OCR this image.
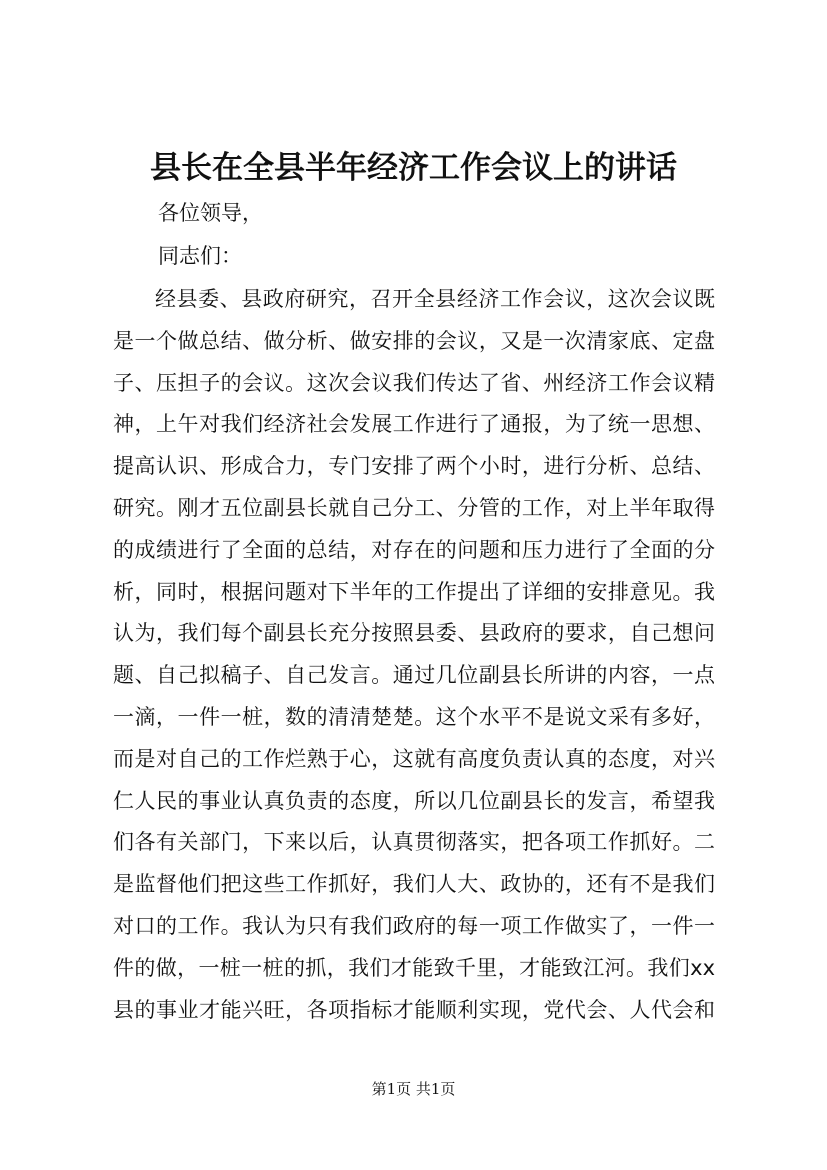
县长在全县半年经济工作会议上的讲话
各位领导，
同志们：
经县委、县政府研究，召开全县经济工作会议，这次会议既
是一个做总结、做分析、做安排的会议，又是一次清家底、定盘
子、压担子的会议。这次会议我们传达了省、州经济工作会议精
神，上午对我们经济社会发展工作进行了通报，为了统一思想、
提高认识、形成合力，专门安排了两个小时，进行分析、总结、
研究。刚才五位副县长就自己分工、分管的工作，对上半年取得
的成绩进行了全面的总结，对存在的问题和压力进行了全面的分
析，同时，根据问题对下半年的工作提出了详细的安排意见。我
认为，我们每个副县长充分按照县委、县政府的要求，自己想问
题、自己拟稿子、自己发言。通过几位副县长所讲的内容，一点
一滴，一件一桩，数的清清楚楚。这个水平不是说文采有多好，
而是对自己的工作烂熟于心，这就有高度负责认真的态度，对兴
仁人民的事业认真负责的态度，所以几位副县长的发言，希望我
们各有关部门，下来以后，认真贯彻落实，把各项工作抓好。二
是监督他们把这些工作抓好，我们人大、政协的，还有不是我们
对口的工作。我认为只有我们政府的每一项工作做实了，一件一
件的做，一桩一桩的抓，我们才能致千里，才能致江河。我们xx
县的事业才能兴旺，各项指标才能顺利实现，党代会、人代会和
第1页 共1页
